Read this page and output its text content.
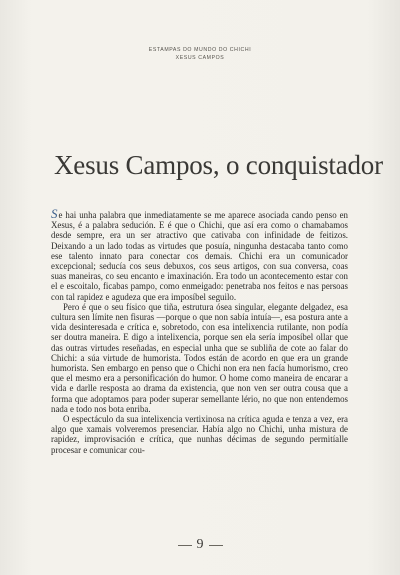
ESTAMPAS DO MUNDO DO CHICHI
XESUS CAMPOS
Xesus Campos, o conquistador

Se hai unha palabra que inmediatamente se me aparece asociada cando penso en Xesus, é a palabra sedución. E é que o Chichi, que así era como o chamabamos desde sempre, era un ser atractivo que cativaba con infinidade de feitizos. Deixando a un lado todas as virtudes que posuía, ningunha destacaba tanto como ese talento innato para conectar cos demais. Chichi era un comunicador excepcional; seducía cos seus debuxos, cos seus artigos, con sua conversa, coas suas maneiras, co seu encanto e imaxinación. Era todo un acontecemento estar con el e escoitalo, ficabas pampo, como enmeigado: penetraba nos feitos e nas persoas con tal rapidez e agudeza que era imposíbel seguilo.

Pero é que o seu físico que tiña, estrutura ósea singular, elegante delgadez, esa cultura sen límite nen fisuras —porque o que non sabía intuía—, esa postura ante a vida desinteresada e crítica e, sobretodo, con esa intelixencia rutilante, non podía ser doutra maneira. E digo a intelixencia, porque sen ela sería imposíbel ollar que das outras virtudes reseñadas, en especial unha que se subliña de cote ao falar do Chichi: a súa virtude de humorista. Todos están de acordo en que era un grande humorista. Sen embargo en penso que o Chichi non era nen facía humorismo, creo que el mesmo era a personificación do humor. O home como maneira de encarar a vida e darlle resposta ao drama da existencia, que non ven ser outra cousa que a forma que adoptamos para poder superar semellante lério, no que non entendemos nada e todo nos bota enriba.

O espectáculo da sua intelixencia vertixinosa na crítica aguda e tenza a vez, era algo que xamais volveremos presenciar. Había algo no Chichi, unha mistura de rapidez, improvisación e crítica, que nunhas décimas de segundo permitíalle procesar e comunicar cou-

9
